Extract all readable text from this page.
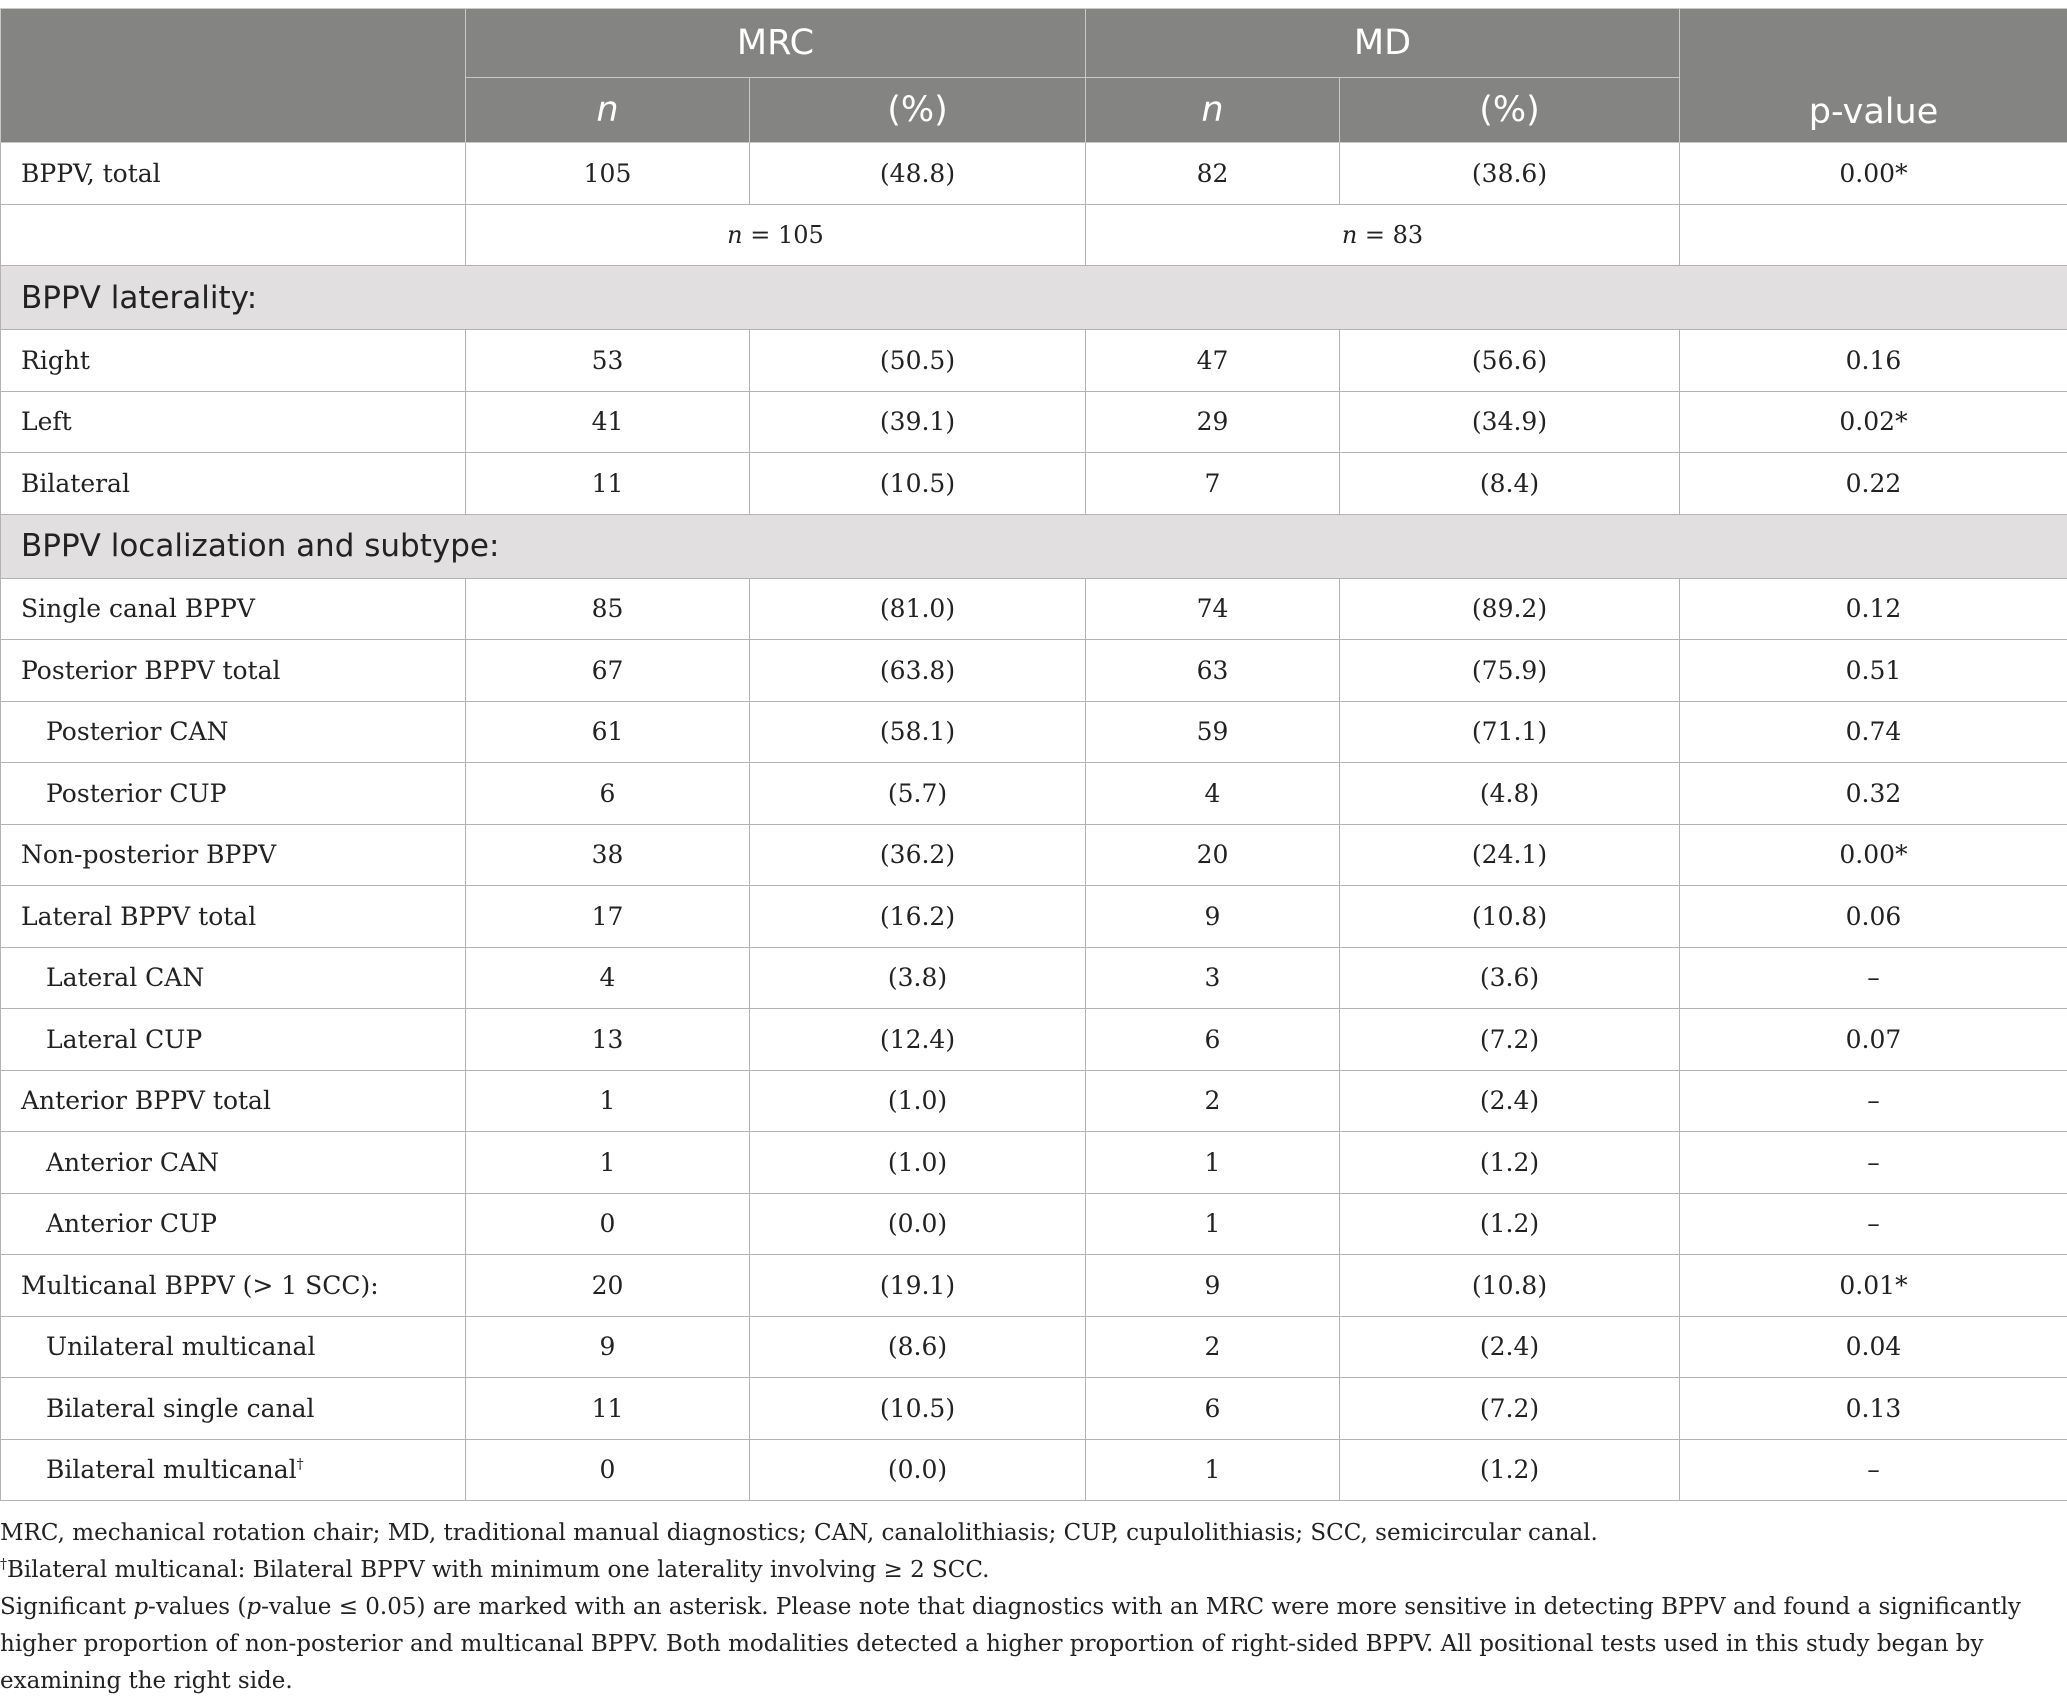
	MRC		MD		p-value
	n	(%)	n	(%)	
BPPV, total	105	(48.8)	82	(38.6)	0.00*
	n = 105		n = 83		
BPPV laterality:					
Right	53	(50.5)	47	(56.6)	0.16
Left	41	(39.1)	29	(34.9)	0.02*
Bilateral	11	(10.5)	7	(8.4)	0.22
BPPV localization and subtype:					
Single canal BPPV	85	(81.0)	74	(89.2)	0.12
Posterior BPPV total	67	(63.8)	63	(75.9)	0.51
Posterior CAN	61	(58.1)	59	(71.1)	0.74
Posterior CUP	6	(5.7)	4	(4.8)	0.32
Non-posterior BPPV	38	(36.2)	20	(24.1)	0.00*
Lateral BPPV total	17	(16.2)	9	(10.8)	0.06
Lateral CAN	4	(3.8)	3	(3.6)	–
Lateral CUP	13	(12.4)	6	(7.2)	0.07
Anterior BPPV total	1	(1.0)	2	(2.4)	–
Anterior CAN	1	(1.0)	1	(1.2)	–
Anterior CUP	0	(0.0)	1	(1.2)	–
Multicanal BPPV (> 1 SCC):	20	(19.1)	9	(10.8)	0.01*
Unilateral multicanal	9	(8.6)	2	(2.4)	0.04
Bilateral single canal	11	(10.5)	6	(7.2)	0.13
Bilateral multicanal†	0	(0.0)	1	(1.2)	–

MRC, mechanical rotation chair; MD, traditional manual diagnostics; CAN, canalolithiasis; CUP, cupulolithiasis; SCC, semicircular canal.

†Bilateral multicanal: Bilateral BPPV with minimum one laterality involving ≥ 2 SCC.

Significant p-values (p-value ≤ 0.05) are marked with an asterisk. Please note that diagnostics with an MRC were more sensitive in detecting BPPV and found a significantly higher proportion of non-posterior and multicanal BPPV. Both modalities detected a higher proportion of right-sided BPPV. All positional tests used in this study began by examining the right side.
